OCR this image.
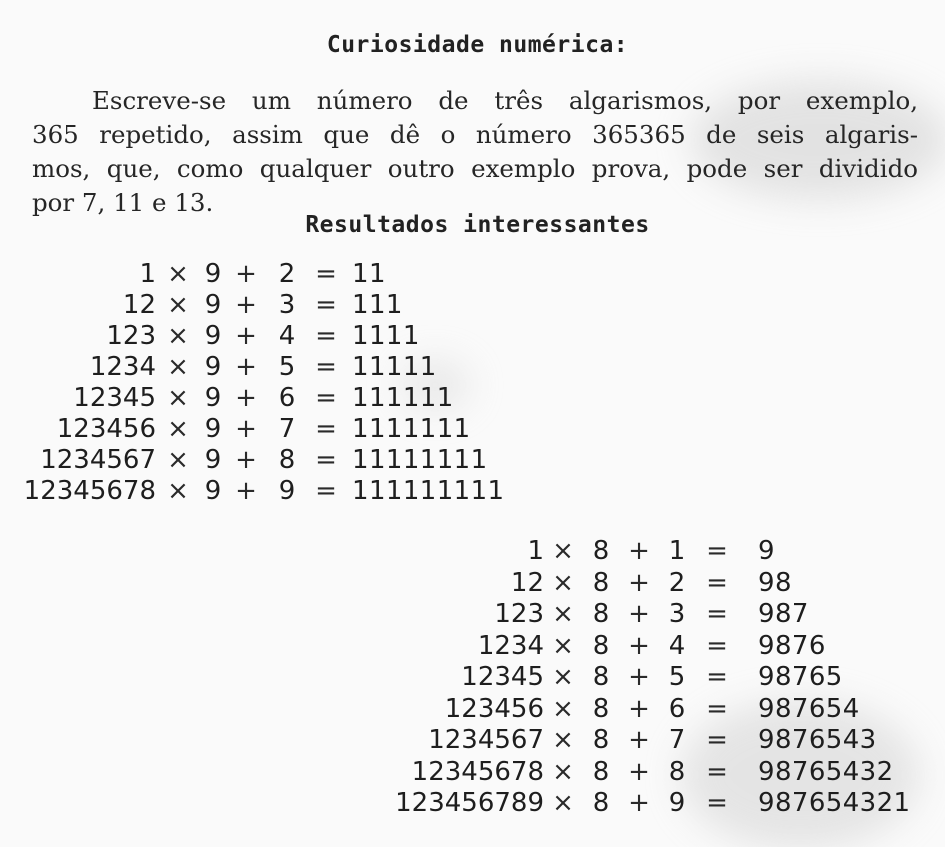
Curiosidade numérica:
Escreve-se um número de três algarismos, por exemplo,
365 repetido, assim que dê o número 365365 de seis algaris-
mos, que, como qualquer outro exemplo prova, pode ser dividido
por 7, 11 e 13.
Resultados interessantes
1 × 9 + 2 = 11
12 × 9 + 3 = 111
123 × 9 + 4 = 1111
1234 × 9 + 5 = 11111
12345 × 9 + 6 = 111111
123456 × 9 + 7 = 1111111
1234567 × 9 + 8 = 11111111
12345678 × 9 + 9 = 111111111
1 × 8 + 1 = 9
12 × 8 + 2 = 98
123 × 8 + 3 = 987
1234 × 8 + 4 = 9876
12345 × 8 + 5 = 98765
123456 × 8 + 6 = 987654
1234567 × 8 + 7 = 9876543
12345678 × 8 + 8 = 98765432
123456789 × 8 + 9 = 987654321
